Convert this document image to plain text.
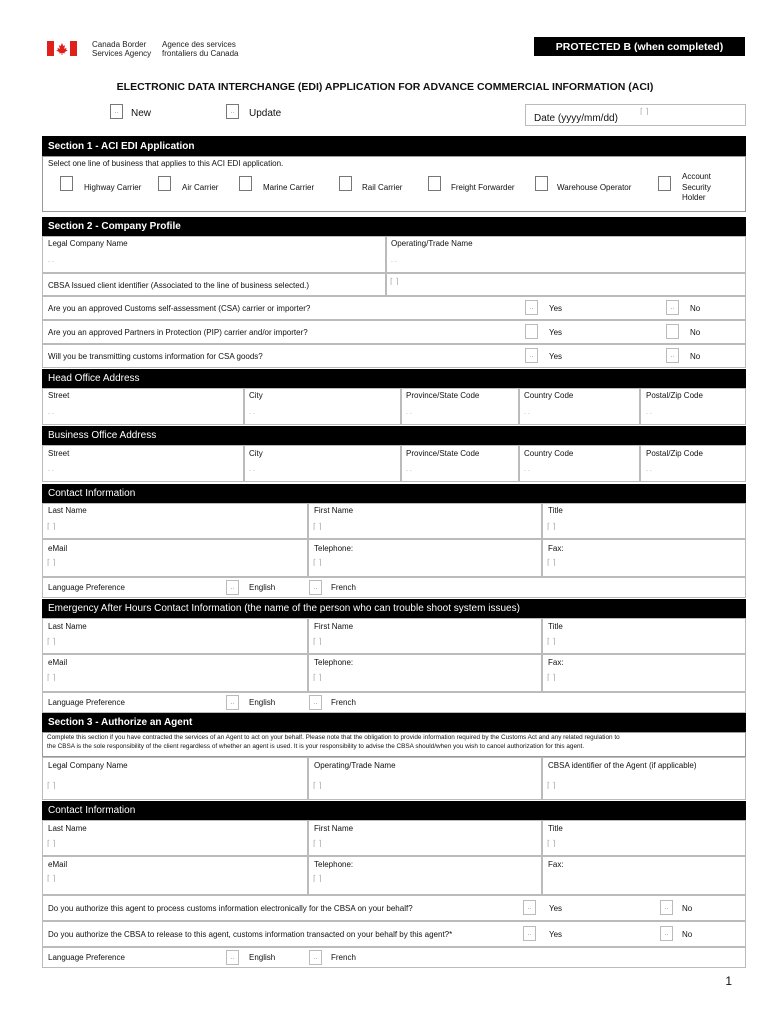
Canada Border
Services Agency
Agence des services
frontaliers du Canada
PROTECTED B (when completed)
ELECTRONIC DATA INTERCHANGE (EDI) APPLICATION FOR ADVANCE COMMERCIAL INFORMATION (ACI)
..	New	..	Update	Date (yyyy/mm/dd)
⌈ ⌉
Section 1 - ACI EDI Application
Select one line of business that applies to this ACI EDI application.
Highway Carrier	Air Carrier	Marine Carrier	Rail Carrier	Freight Forwarder	Warehouse Operator
Account
Security
Holder
Section 2 - Company Profile
Legal Company Name	Operating/Trade Name
. .	. .
CBSA Issued client identifier (Associated to the line of business selected.)	⌈ ⌉
Are you an approved Customs self-assessment (CSA) carrier or importer?	..	Yes	..	No
Are you an approved Partners in Protection (PIP) carrier and/or importer?	Yes	No
Will you be transmitting customs information for CSA goods?	..	Yes	..	No
Head Office Address
Street	City	Province/State Code	Country Code	Postal/Zip Code
. .	. .	. .	. .	. .
Business Office Address
Street	City	Province/State Code	Country Code	Postal/Zip Code
. .	. .	. .	. .	. .
Contact Information
Last Name	First Name	Title
⌈ ⌉	⌈ ⌉	⌈ ⌉
eMail	Telephone:	Fax:
⌈ ⌉	⌈ ⌉	⌈ ⌉
Language Preference	..	English	..	French
Emergency After Hours Contact Information (the name of the person who can trouble shoot system issues)
Last Name	First Name	Title
⌈ ⌉	⌈ ⌉	⌈ ⌉
eMail	Telephone:	Fax:
⌈ ⌉	⌈ ⌉	⌈ ⌉
Language Preference	..	English	..	French
Section 3 - Authorize an Agent
Complete this section if you have contracted the services of an Agent to act on your behalf. Please note that the obligation to provide information required by the Customs Act and any related regulation to
the CBSA is the sole responsibility of the client regardless of whether an agent is used. It is your responsibility to advise the CBSA should/when you wish to cancel authorization for this agent.
Legal Company Name	Operating/Trade Name	CBSA identifier of the Agent (if applicable)
⌈ ⌉	⌈ ⌉	⌈ ⌉
Contact Information
Last Name	First Name	Title
⌈ ⌉	⌈ ⌉	⌈ ⌉
eMail	Telephone:	Fax:
⌈ ⌉	⌈ ⌉
Do you authorize this agent to process customs information electronically for the CBSA on your behalf?	..	Yes	..	No
Do you authorize the CBSA to release to this agent, customs information transacted on your behalf by this agent?*	..	Yes	..	No
Language Preference	..	English	..	French
1
